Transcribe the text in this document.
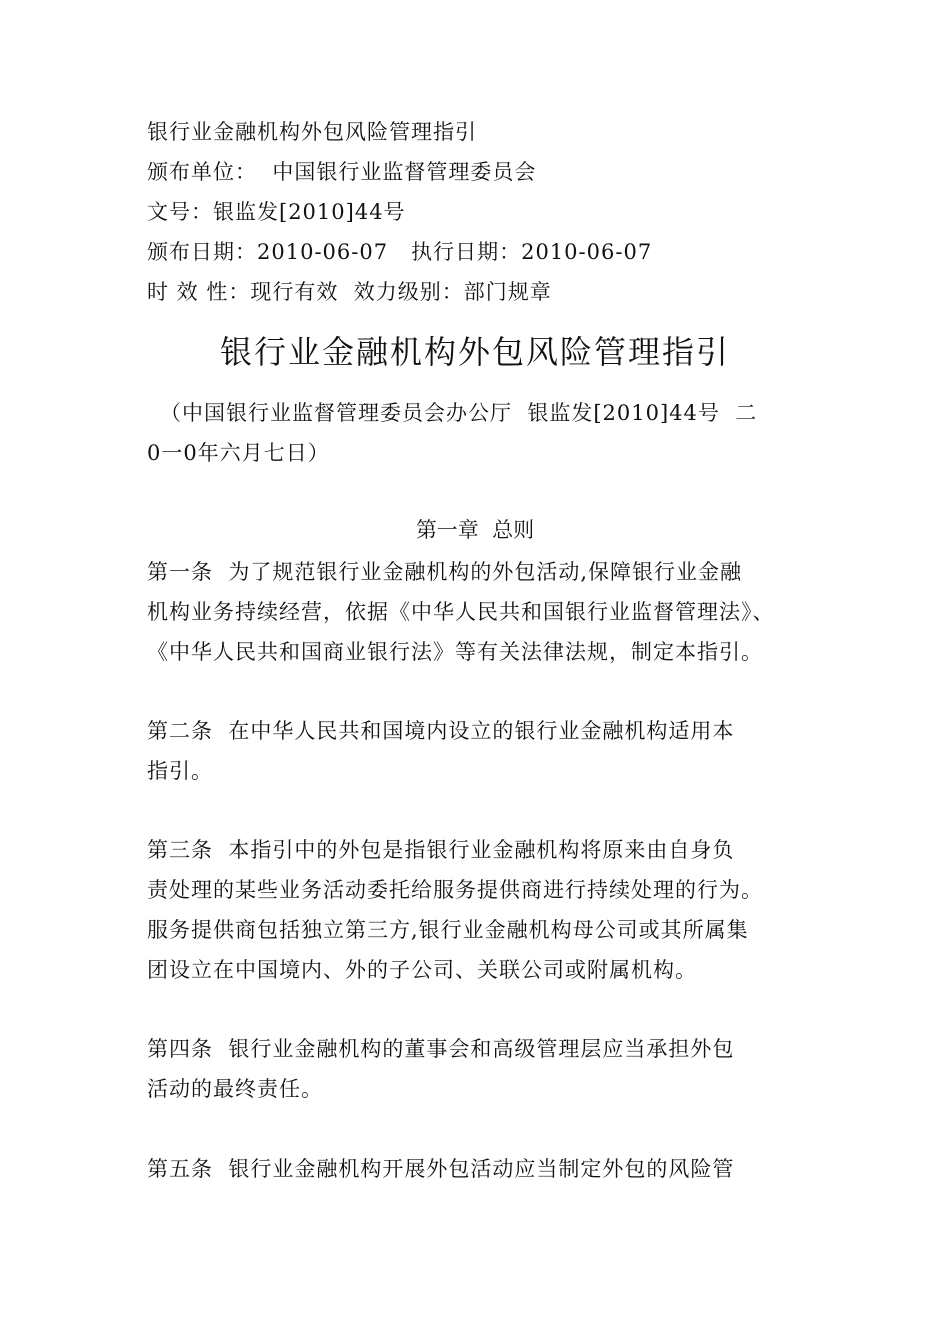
银行业金融机构外包风险管理指引
颁布单位：  中国银行业监督管理委员会
文号：银监发[2010]44号
颁布日期：2010-06-07   执行日期：2010-06-07
时 效 性：现行有效  效力级别：部门规章
银行业金融机构外包风险管理指引
（中国银行业监督管理委员会办公厅  银监发[2010]44号  二
0一0年六月七日）
第一章  总则
第一条  为了规范银行业金融机构的外包活动,保障银行业金融
机构业务持续经营，依据《中华人民共和国银行业监督管理法》、
《中华人民共和国商业银行法》等有关法律法规，制定本指引。
第二条  在中华人民共和国境内设立的银行业金融机构适用本
指引。
第三条  本指引中的外包是指银行业金融机构将原来由自身负
责处理的某些业务活动委托给服务提供商进行持续处理的行为。
服务提供商包括独立第三方,银行业金融机构母公司或其所属集
团设立在中国境内、外的子公司、关联公司或附属机构。
第四条  银行业金融机构的董事会和高级管理层应当承担外包
活动的最终责任。
第五条  银行业金融机构开展外包活动应当制定外包的风险管
